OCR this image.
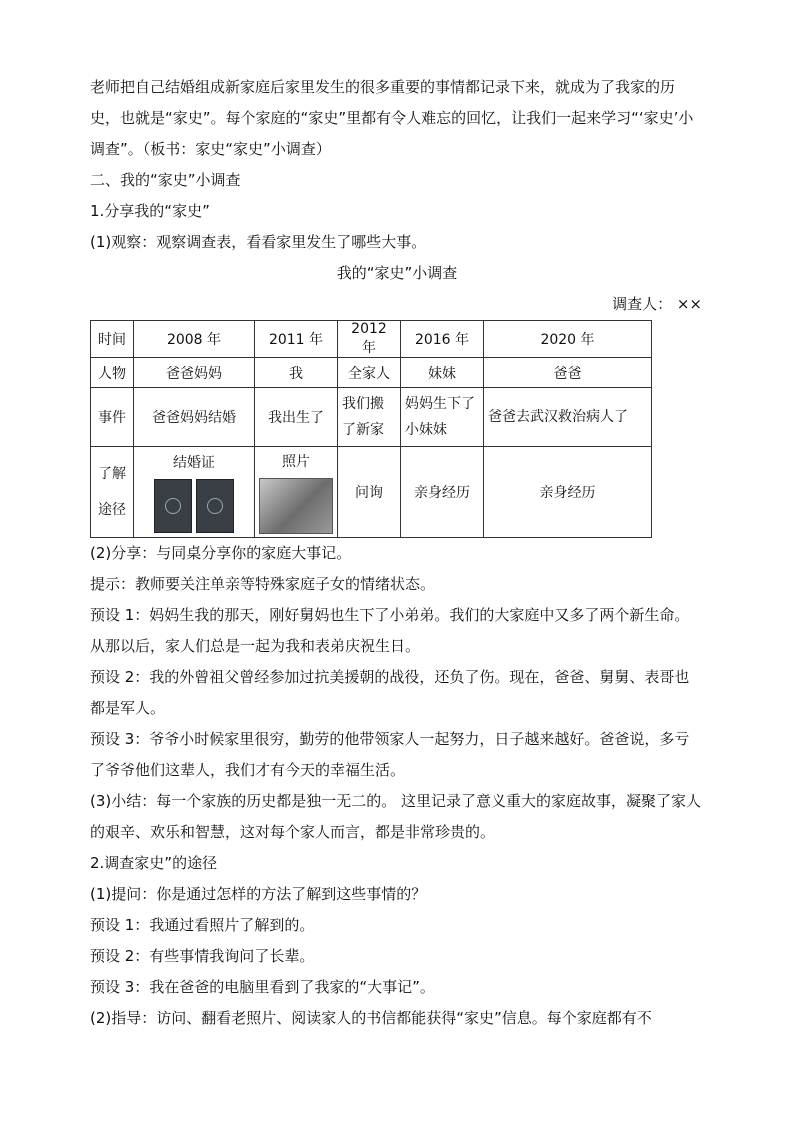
老师把自己结婚组成新家庭后家里发生的很多重要的事情都记录下来，就成为了我家的历史，也就是“家史”。每个家庭的“家史”里都有令人难忘的回忆，让我们一起来学习“‘家史’小调查”。（板书：家史“家史”小调查）

二、我的“家史”小调查

1.分享我的“家史”

(1)观察：观察调查表，看看家里发生了哪些大事。

我的“家史”小调查

调查人： ××

时间	2008 年	2011 年	2012 年	2016 年	2020 年
人物	爸爸妈妈	我	全家人	妹妹	爸爸
事件	爸爸妈妈结婚	我出生了	我们搬了新家	妈妈生下了小妹妹	爸爸去武汉救治病人了

了解途径	结婚证	照片	问询	亲身经历	亲身经历

(2)分享：与同桌分享你的家庭大事记。

提示：教师要关注单亲等特殊家庭子女的情绪状态。

预设 1：妈妈生我的那天，刚好舅妈也生下了小弟弟。我们的大家庭中又多了两个新生命。从那以后，家人们总是一起为我和表弟庆祝生日。

预设 2：我的外曾祖父曾经参加过抗美援朝的战役，还负了伤。现在，爸爸、舅舅、表哥也都是军人。

预设 3：爷爷小时候家里很穷，勤劳的他带领家人一起努力，日子越来越好。爸爸说，多亏了爷爷他们这辈人，我们才有今天的幸福生活。

(3)小结：每一个家族的历史都是独一无二的。 这里记录了意义重大的家庭故事，凝聚了家人的艰辛、欢乐和智慧，这对每个家人而言，都是非常珍贵的。

2.调查家史”的途径

(1)提问：你是通过怎样的方法了解到这些事情的？

预设 1：我通过看照片了解到的。

预设 2：有些事情我询问了长辈。

预设 3：我在爸爸的电脑里看到了我家的“大事记”。

(2)指导：访问、翻看老照片、阅读家人的书信都能获得“家史”信息。每个家庭都有不
